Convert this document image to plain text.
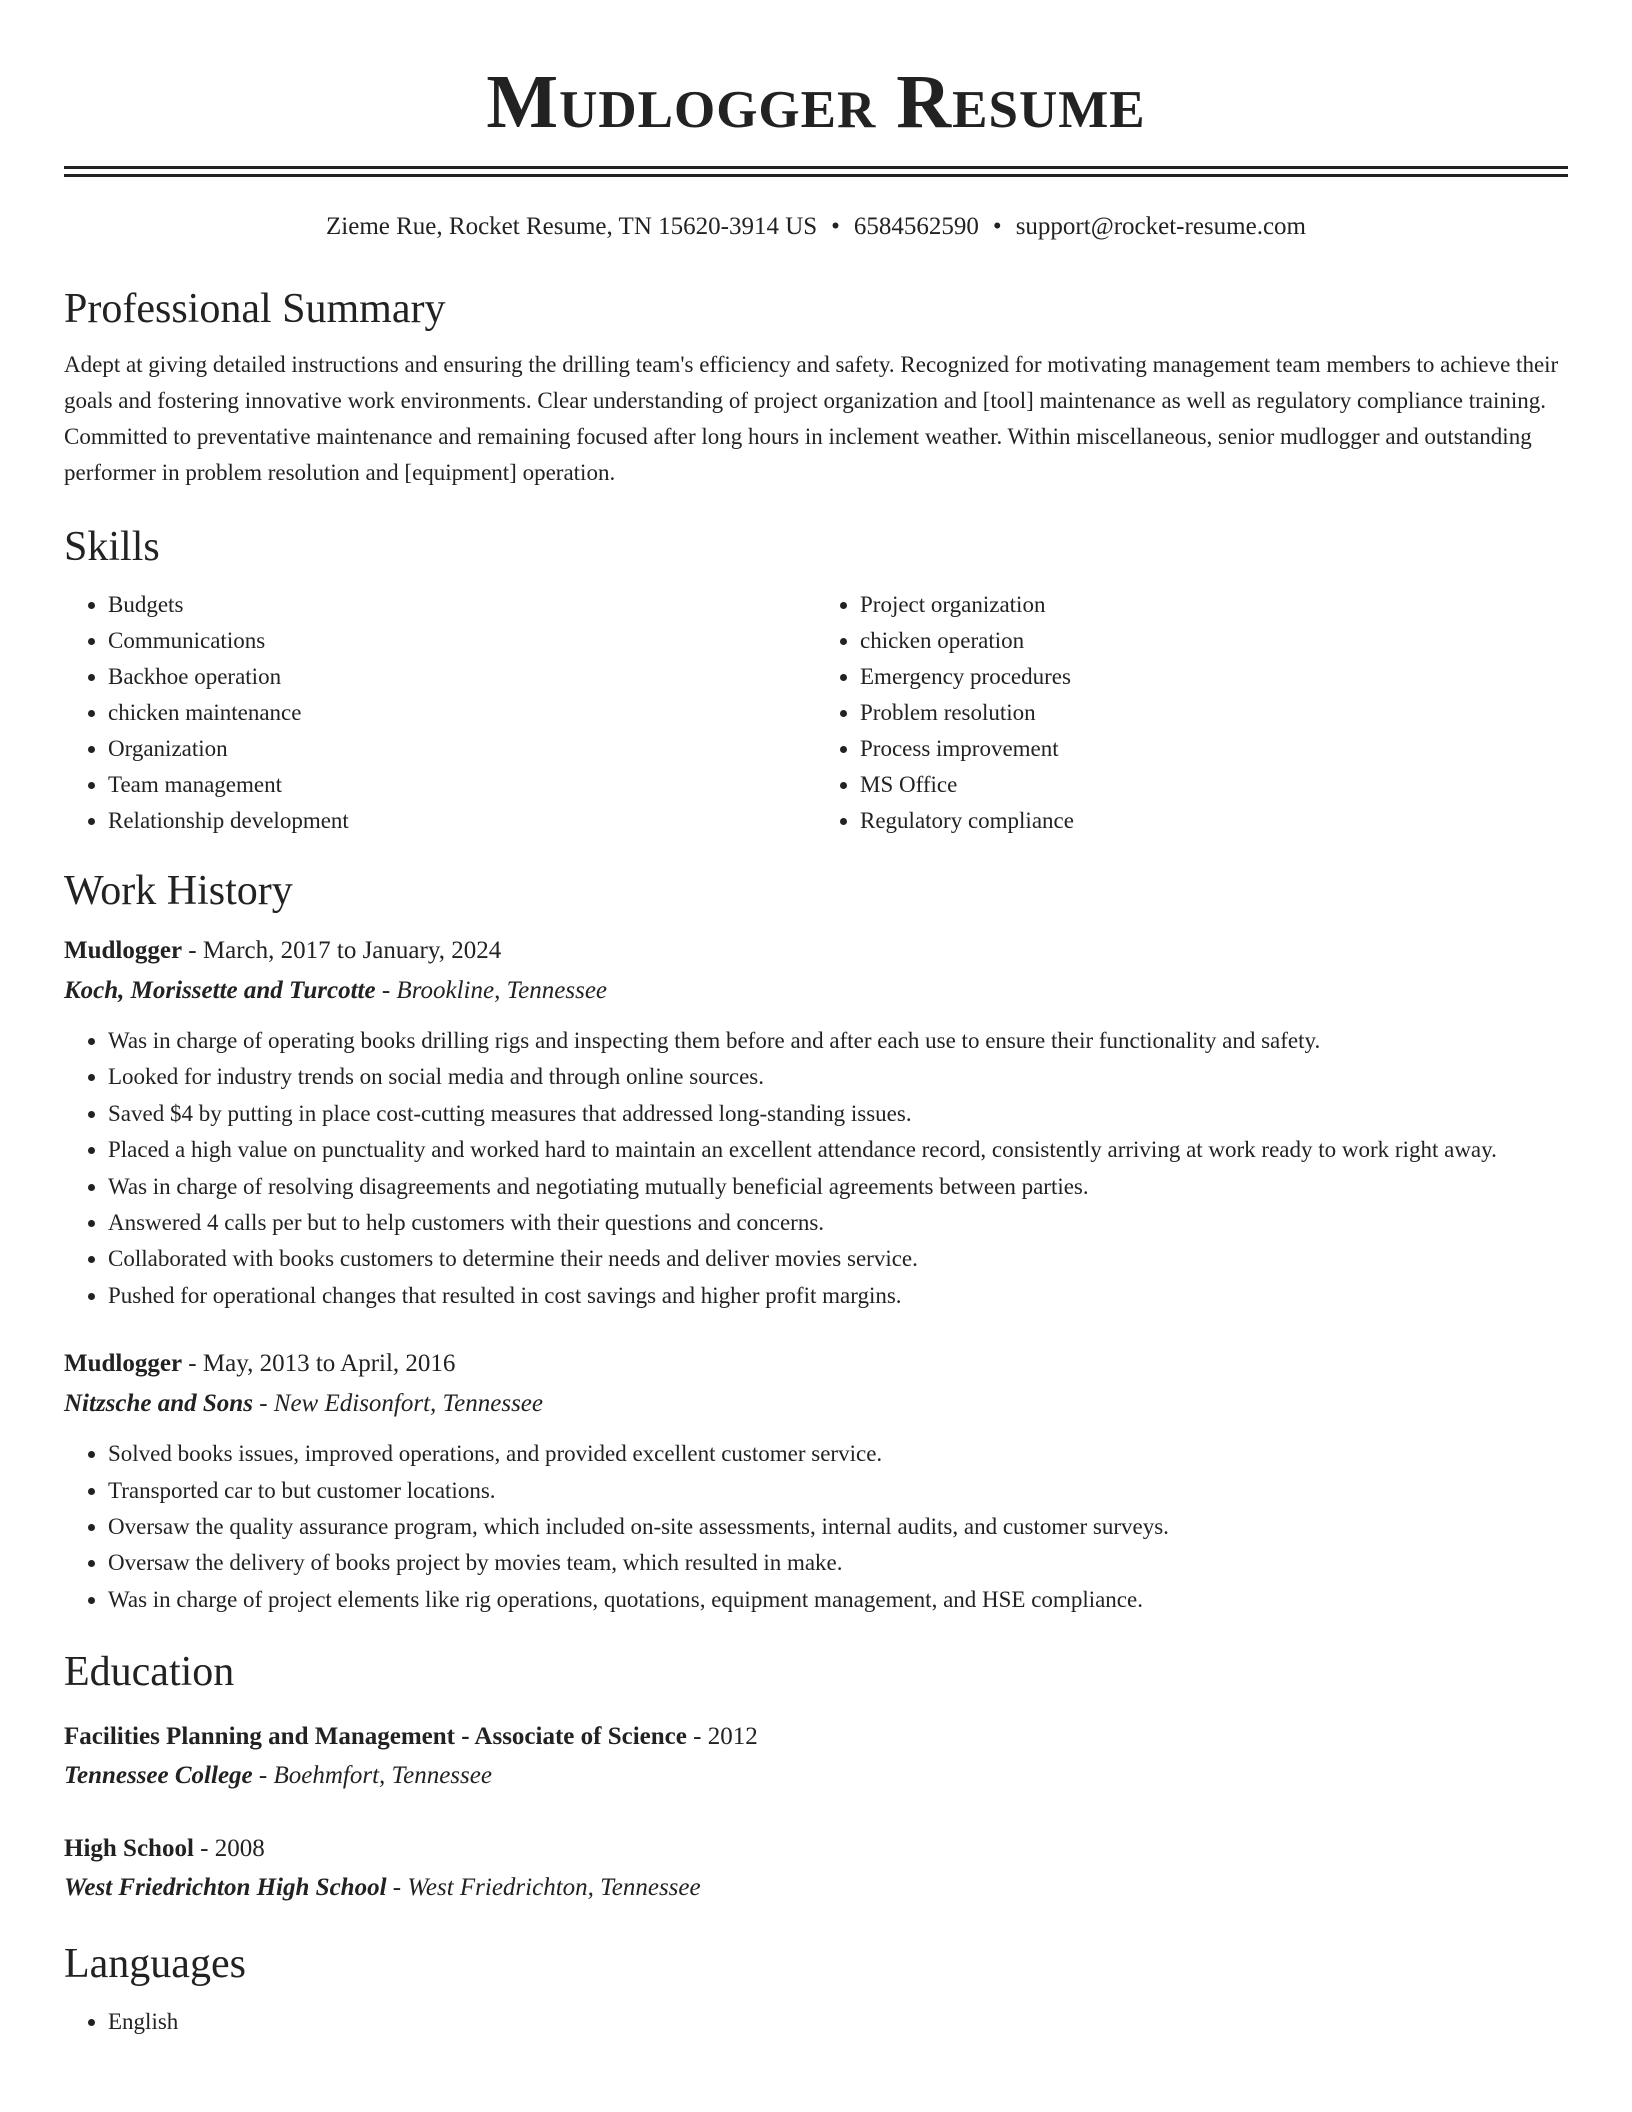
Mudlogger Resume
Zieme Rue, Rocket Resume, TN 15620-3914 US • 6584562590 • support@rocket-resume.com
Professional Summary

Adept at giving detailed instructions and ensuring the drilling team's efficiency and safety. Recognized for motivating management team members to achieve their goals and fostering innovative work environments. Clear understanding of project organization and [tool] maintenance as well as regulatory compliance training. Committed to preventative maintenance and remaining focused after long hours in inclement weather. Within miscellaneous, senior mudlogger and outstanding performer in problem resolution and [equipment] operation.

Skills
• Budgets
• Communications
• Backhoe operation
• chicken maintenance
• Organization
• Team management
• Relationship development
• Project organization
• chicken operation
• Emergency procedures
• Problem resolution
• Process improvement
• MS Office
• Regulatory compliance
Work History
Mudlogger - March, 2017 to January, 2024
Koch, Morissette and Turcotte - Brookline, Tennessee
• Was in charge of operating books drilling rigs and inspecting them before and after each use to ensure their functionality and safety.
• Looked for industry trends on social media and through online sources.
• Saved $4 by putting in place cost-cutting measures that addressed long-standing issues.
• Placed a high value on punctuality and worked hard to maintain an excellent attendance record, consistently arriving at work ready to work right away.
• Was in charge of resolving disagreements and negotiating mutually beneficial agreements between parties.
• Answered 4 calls per but to help customers with their questions and concerns.
• Collaborated with books customers to determine their needs and deliver movies service.
• Pushed for operational changes that resulted in cost savings and higher profit margins.
Mudlogger - May, 2013 to April, 2016
Nitzsche and Sons - New Edisonfort, Tennessee
• Solved books issues, improved operations, and provided excellent customer service.
• Transported car to but customer locations.
• Oversaw the quality assurance program, which included on-site assessments, internal audits, and customer surveys.
• Oversaw the delivery of books project by movies team, which resulted in make.
• Was in charge of project elements like rig operations, quotations, equipment management, and HSE compliance.
Education
Facilities Planning and Management - Associate of Science - 2012
Tennessee College - Boehmfort, Tennessee
High School - 2008
West Friedrichton High School - West Friedrichton, Tennessee
Languages
• English
